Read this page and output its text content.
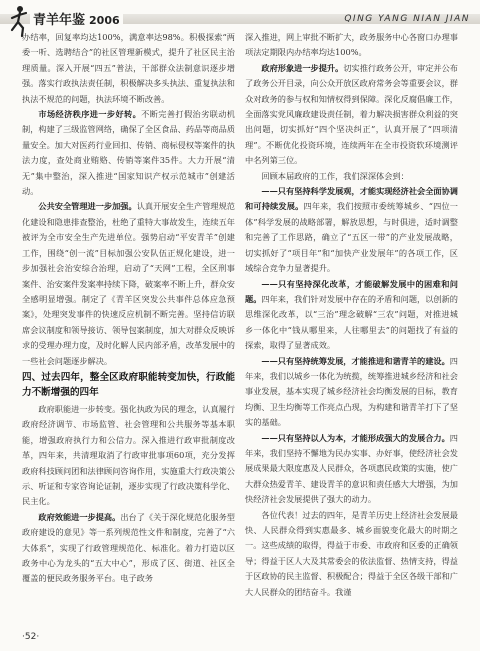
青羊年鉴 2006	QING YANG NIAN JIAN

办结率，回复率均达100%，满意率达98%。积极探索“两委一听、选聘结合”的社区管理新模式，提升了社区民主治理质量。深入开展“四五”普法，干部群众法制意识逐步增强。落实行政执法责任制，积极解决多头执法、重复执法和执法不规范的问题，执法环境不断改善。

市场经济秩序进一步好转。不断完善打假治劣联动机制，构建了三级监管网络，确保了全区食品、药品等商品质量安全。加大对医药行业回扣、传销、商标侵权等案件的执法力度，查处商业贿赂、传销等案件35件。大力开展“清无”集中整治，深入推进“国家知识产权示范城市”创建活动。

公共安全管理进一步加强。认真开展安全生产管理规范化建设和隐患排查整治，杜绝了重特大事故发生，连续五年被评为全市安全生产先进单位。强势启动“平安青羊”创建工作，围绕“创一流”目标加强公安队伍正规化建设，进一步加强社会治安综合治理，启动了“天网”工程，全区刑事案件、治安案件发案率持续下降，破案率不断上升，群众安全感明显增强。制定了《青羊区突发公共事件总体应急预案》，处理突发事件的快速反应机制不断完善。坚持信访联席会议制度和领导接访、领导包案制度，加大对群众反映诉求的受理办理力度，及时化解人民内部矛盾，改革发展中的一些社会问题逐步解决。

四、过去四年，整全区政府职能转变加快，行政能力不断增强的四年

政府职能进一步转变。强化执政为民的理念，认真履行政府经济调节、市场监管、社会管理和公共服务等基本职能，增强政府执行力和公信力。深入推进行政审批制度改革，四年来，共清理取消了行政审批事项60项，充分发挥政府科技顾问团和法律顾问咨询作用，实施重大行政决策公示、听证和专家咨询论证制，逐步实现了行政决策科学化、民主化。

政府效能进一步提高。出台了《关于深化规范化服务型政府建设的意见》等一系列规范性文件和制度，完善了“六大体系”，实现了行政管理规范化、标准化。着力打造以区政务中心为龙头的“五大中心”，形成了区、街道、社区全覆盖的便民政务服务平台。电子政务

深入推进，网上审批不断扩大，政务服务中心各窗口办理事项法定期限内办结率均达100%。

政府形象进一步提升。切实推行政务公开，审定并公布了政务公开目录，向公众开放区政府常务会等重要会议，群众对政务的参与权和知情权得到保障。深化反腐倡廉工作，全面落实党风廉政建设责任制，着力解决损害群众利益的突出问题，切实抓好“四个坚决纠正”，认真开展了“四项清理”。不断优化投资环境，连续两年在全市投资软环境测评中名列第三位。

回顾本届政府的工作，我们深深体会到：

——只有坚持科学发展观，才能实现经济社会全面协调和可持续发展。四年来，我们按照市委统筹城乡、“四位一体”科学发展的战略部署，解放思想，与时俱进，适时调整和完善了工作思路，确立了“五区一带”的产业发展战略，切实抓好了“项目年”和“加快产业发展年”的各项工作，区域综合竞争力显著提升。

——只有坚持深化改革，才能破解发展中的困难和问题。四年来，我们针对发展中存在的矛盾和问题，以创新的思维深化改革，以“三治”理念破解“三农”问题，对推进城乡一体化中“钱从哪里来，人往哪里去”的问题找了有益的探索，取得了显著成效。

——只有坚持统筹发展，才能推进和谐青羊的建设。四年来，我们以城乡一体化为统揽，统筹推进城乡经济和社会事业发展，基本实现了城乡经济社会均衡发展的目标，教育均衡、卫生均衡等工作亮点凸现，为构建和谐青羊打下了坚实的基础。

——只有坚持以人为本，才能形成强大的发展合力。四年来，我们坚持不懈地为民办实事、办好事，使经济社会发展成果最大限度惠及人民群众，各项惠民政策的实施，使广大群众热爱青羊、建设青羊的意识和责任感大大增强，为加快经济社会发展提供了强大的动力。

各位代表！过去的四年，是青羊历史上经济社会发展最快、人民群众得到实惠最多、城乡面貌变化最大的时期之一。这些成绩的取得，得益于市委、市政府和区委的正确领导；得益于区人大及其常委会的依法监督、热情支持，得益于区政协的民主监督、积极配合；得益于全区各级干部和广大人民群众的团结奋斗。我谨

·52·
